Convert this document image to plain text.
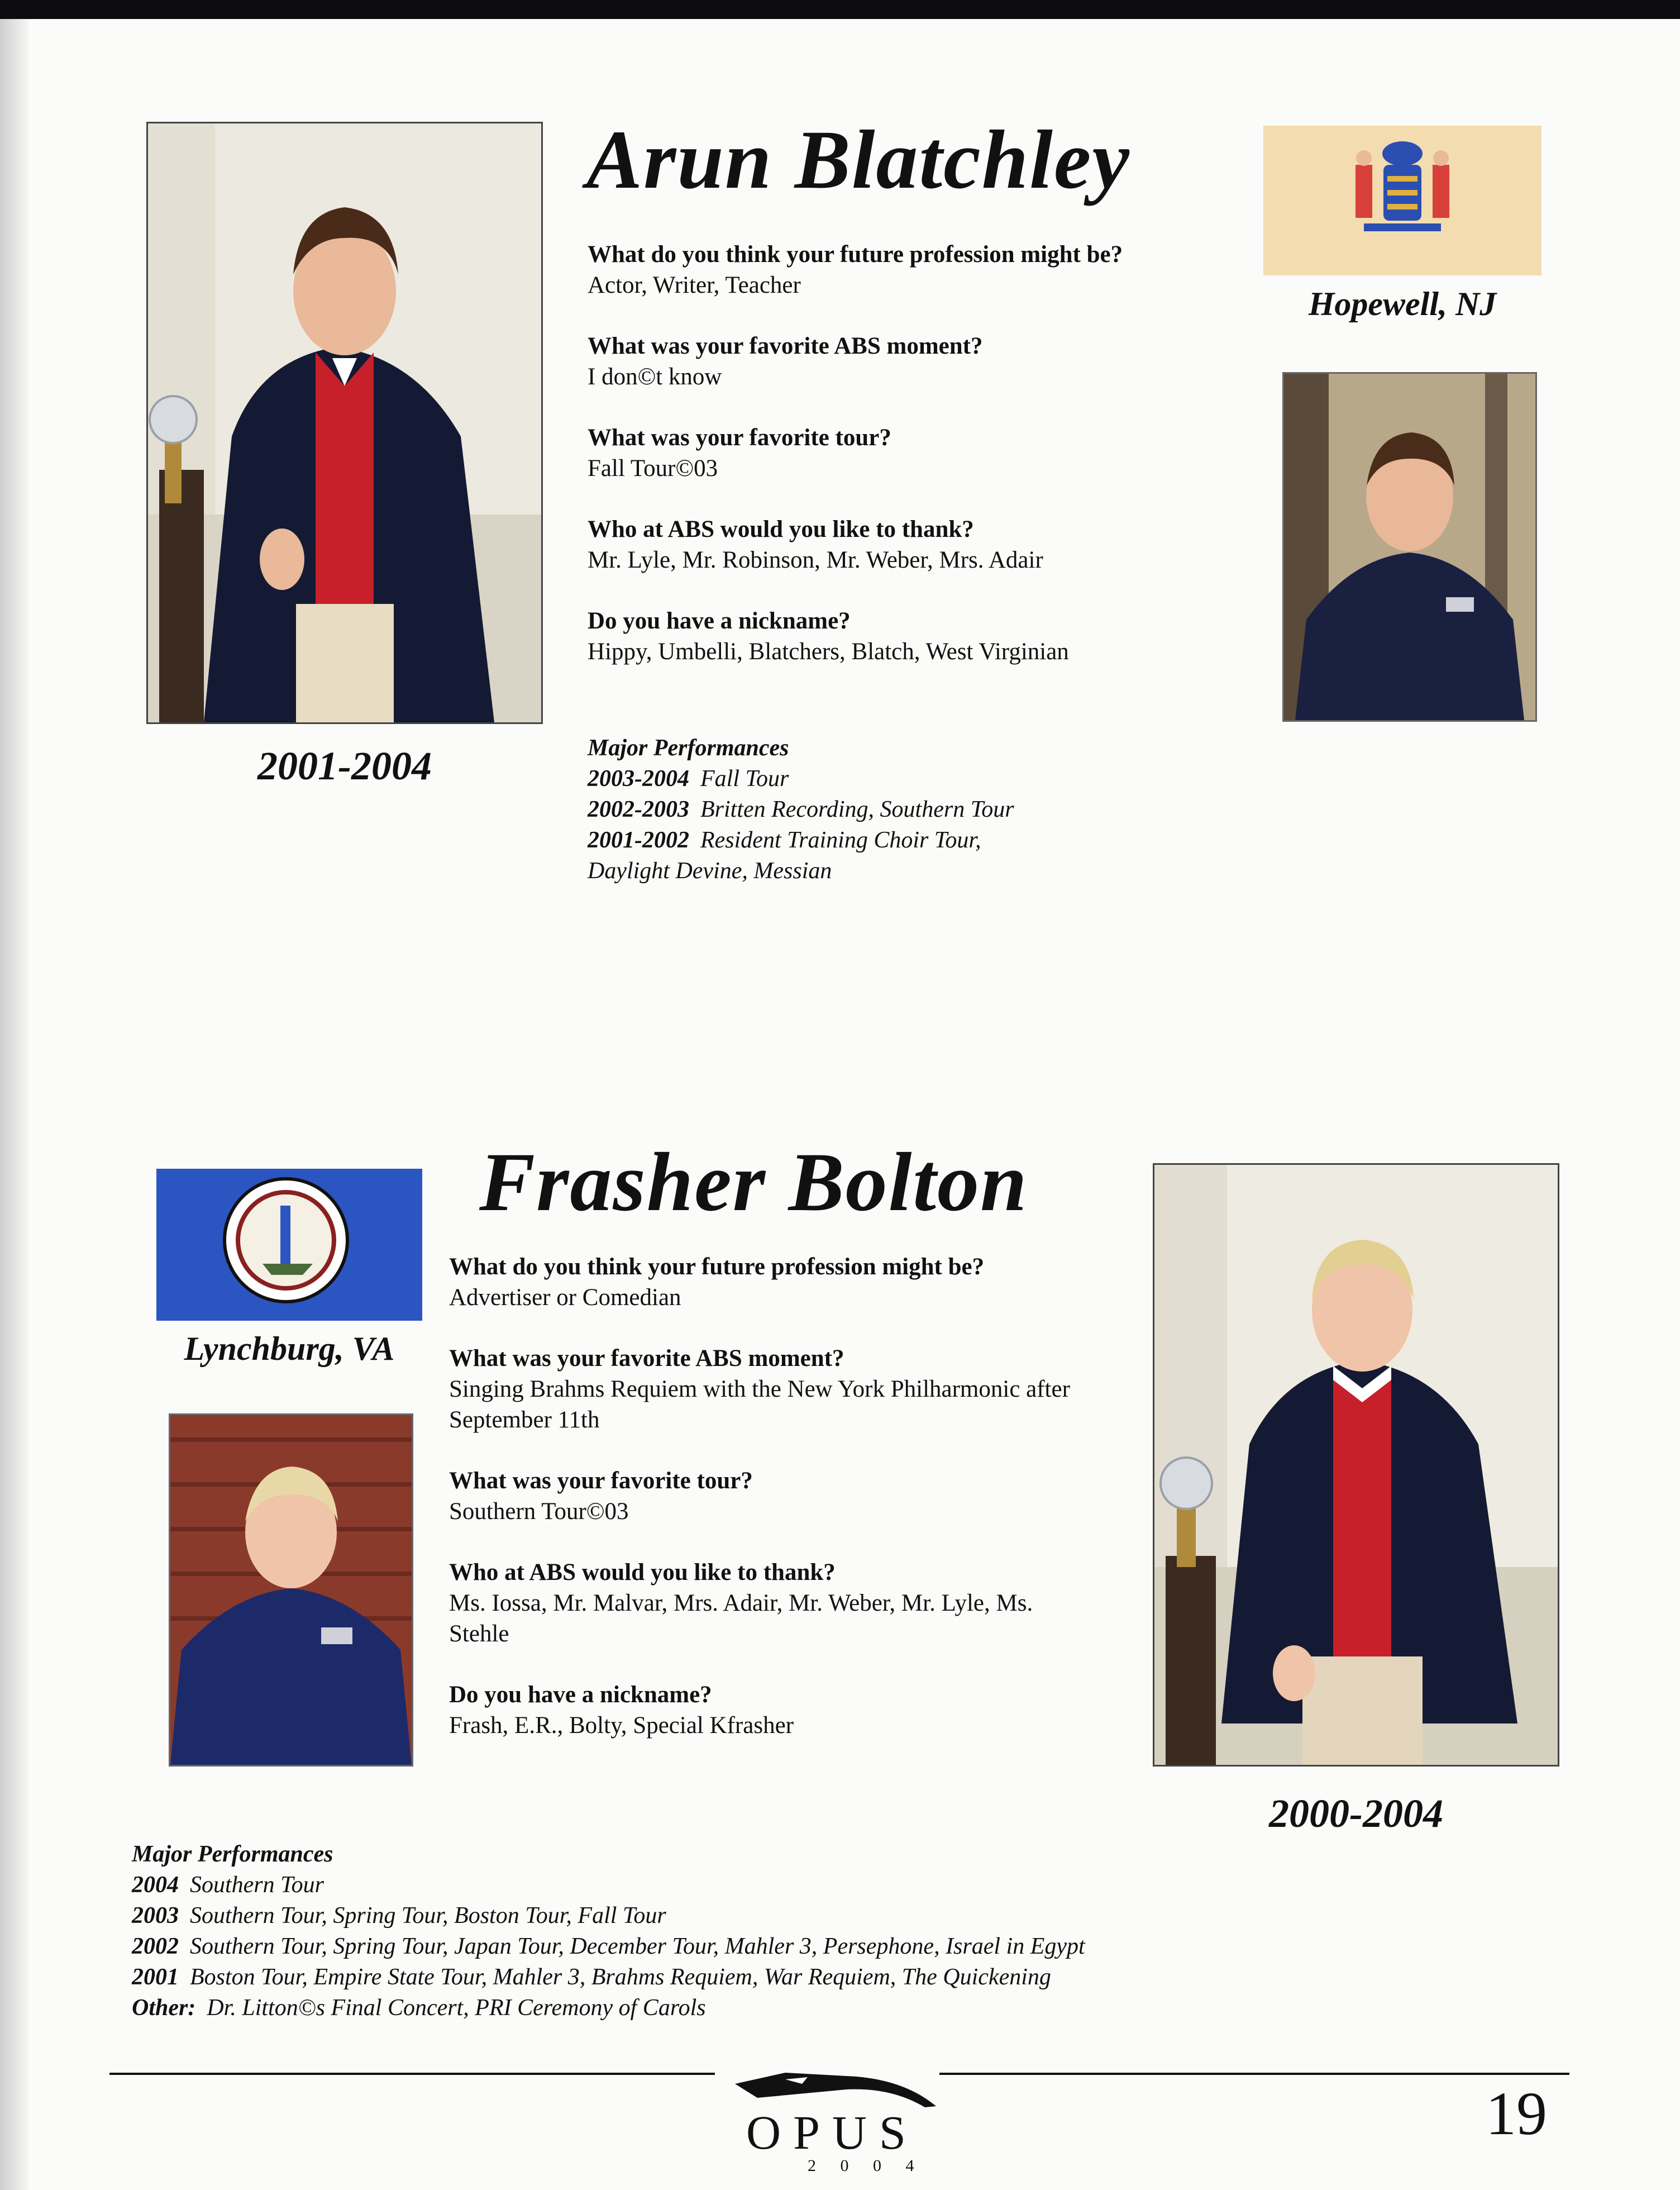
2001-2004
Arun Blatchley

What do you think your future profession might be?

Actor, Writer, Teacher

What was your favorite ABS moment?

I don©t know

What was your favorite tour?

Fall Tour©03

Who at ABS would you like to thank?

Mr. Lyle, Mr. Robinson, Mr. Weber, Mrs. Adair

Do you have a nickname?

Hippy, Umbelli, Blatchers, Blatch, West Virginian

Major Performances
2003-2004 Fall Tour
2002-2003 Britten Recording, Southern Tour
2001-2002 Resident Training Choir Tour,
Daylight Devine, Messian
Hopewell, NJ
Lynchburg, VA
Frasher Bolton

What do you think your future profession might be?

Advertiser or Comedian

What was your favorite ABS moment?

Singing Brahms Requiem with the New York Philharmonic after September 11th

What was your favorite tour?

Southern Tour©03

Who at ABS would you like to thank?

Ms. Iossa, Mr. Malvar, Mrs. Adair, Mr. Weber, Mr. Lyle, Ms. Stehle

Do you have a nickname?

Frash, E.R., Bolty, Special Kfrasher

2000-2004
Major Performances
2004 Southern Tour
2003 Southern Tour, Spring Tour, Boston Tour, Fall Tour
2002 Southern Tour, Spring Tour, Japan Tour, December Tour, Mahler 3, Persephone, Israel in Egypt
2001 Boston Tour, Empire State Tour, Mahler 3, Brahms Requiem, War Requiem, The Quickening
Other: Dr. Litton©s Final Concert, PRI Ceremony of Carols
OPUS
2 0 0 4
19
